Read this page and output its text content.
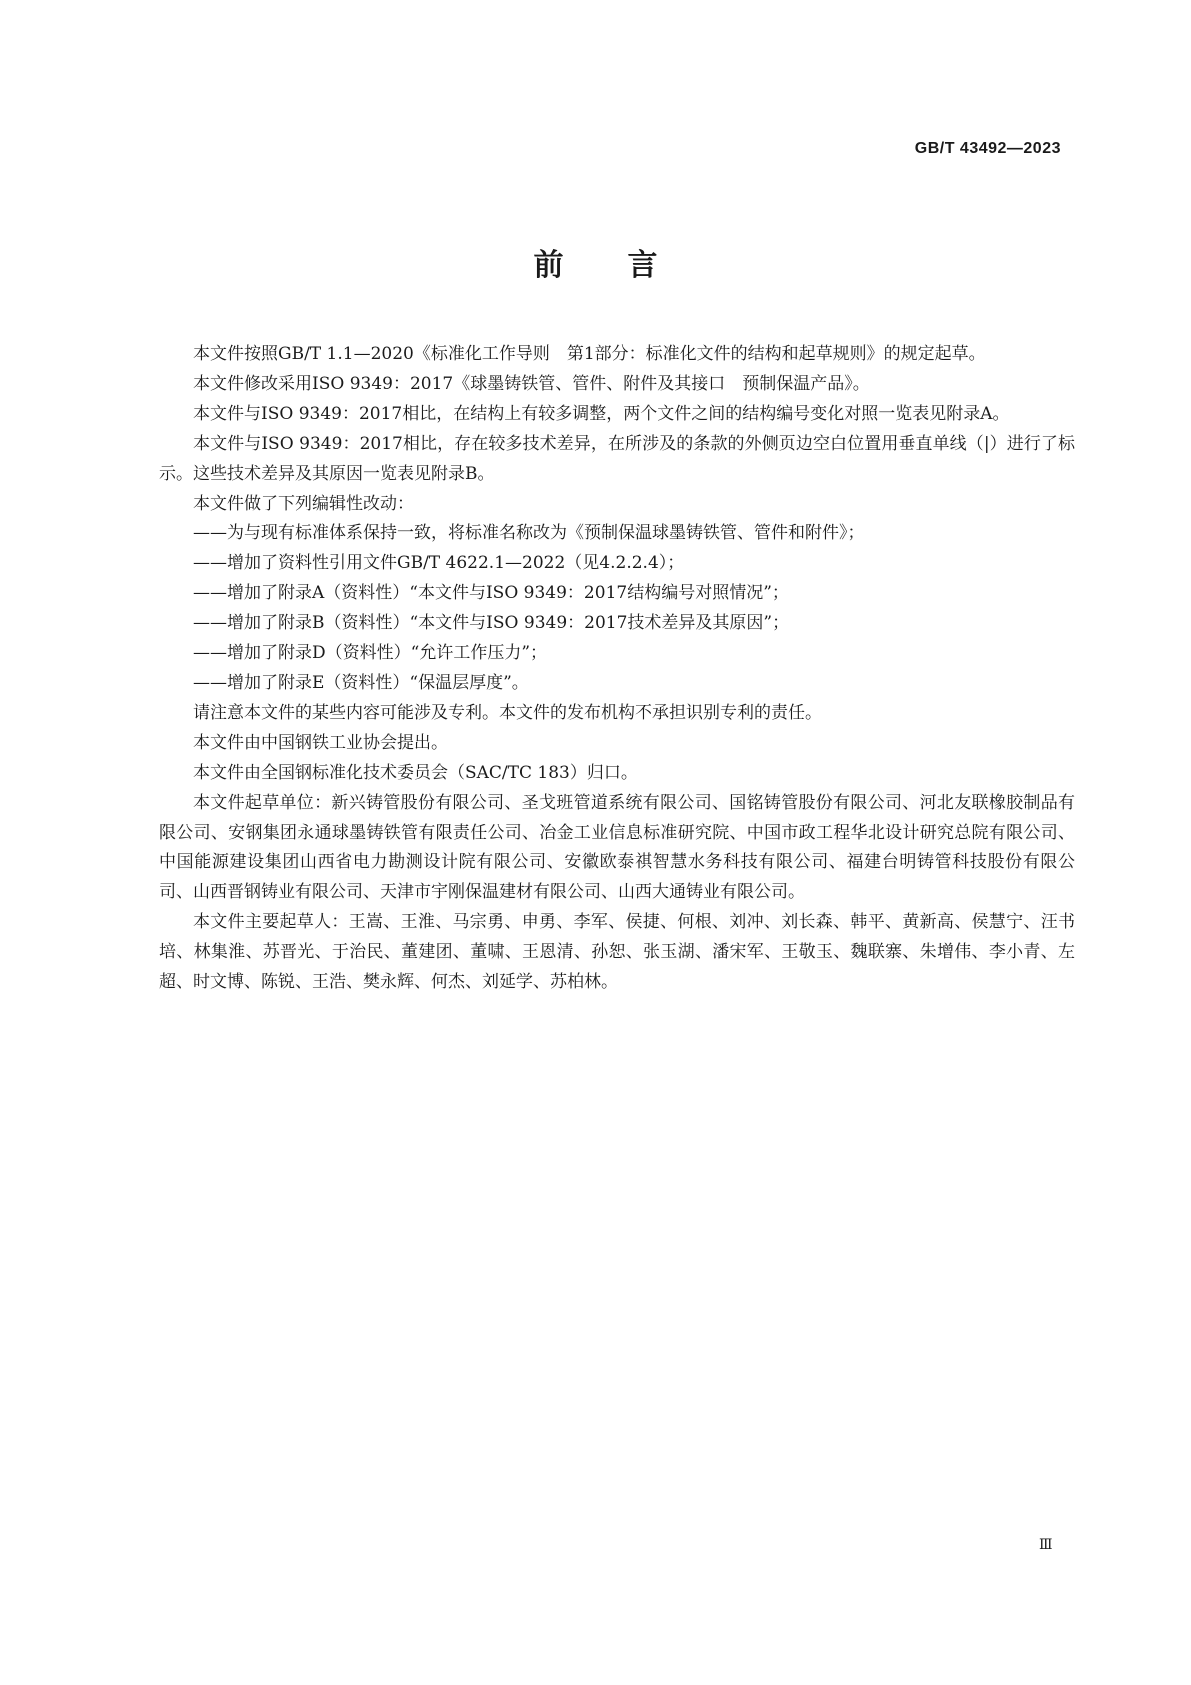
GB/T 43492—2023
前言

本文件按照GB/T 1.1—2020《标准化工作导则　第1部分：标准化文件的结构和起草规则》的规定起草。

本文件修改采用ISO 9349：2017《球墨铸铁管、管件、附件及其接口　预制保温产品》。

本文件与ISO 9349：2017相比，在结构上有较多调整，两个文件之间的结构编号变化对照一览表见附录A。

本文件与ISO 9349：2017相比，存在较多技术差异，在所涉及的条款的外侧页边空白位置用垂直单线（|）进行了标示。这些技术差异及其原因一览表见附录B。

本文件做了下列编辑性改动：

——为与现有标准体系保持一致，将标准名称改为《预制保温球墨铸铁管、管件和附件》；

——增加了资料性引用文件GB/T 4622.1—2022（见4.2.2.4）；

——增加了附录A（资料性）“本文件与ISO 9349：2017结构编号对照情况”；

——增加了附录B（资料性）“本文件与ISO 9349：2017技术差异及其原因”；

——增加了附录D（资料性）“允许工作压力”；

——增加了附录E（资料性）“保温层厚度”。

请注意本文件的某些内容可能涉及专利。本文件的发布机构不承担识别专利的责任。

本文件由中国钢铁工业协会提出。

本文件由全国钢标准化技术委员会（SAC/TC 183）归口。

本文件起草单位：新兴铸管股份有限公司、圣戈班管道系统有限公司、国铭铸管股份有限公司、河北友联橡胶制品有限公司、安钢集团永通球墨铸铁管有限责任公司、冶金工业信息标准研究院、中国市政工程华北设计研究总院有限公司、中国能源建设集团山西省电力勘测设计院有限公司、安徽欧泰祺智慧水务科技有限公司、福建台明铸管科技股份有限公司、山西晋钢铸业有限公司、天津市宇刚保温建材有限公司、山西大通铸业有限公司。

本文件主要起草人：王嵩、王淮、马宗勇、申勇、李军、侯捷、何根、刘冲、刘长森、韩平、黄新高、侯慧宁、汪书培、林集淮、苏晋光、于治民、董建团、董啸、王恩清、孙恕、张玉湖、潘宋军、王敬玉、魏联寨、朱增伟、李小青、左超、时文博、陈锐、王浩、樊永辉、何杰、刘延学、苏柏林。

Ⅲ
